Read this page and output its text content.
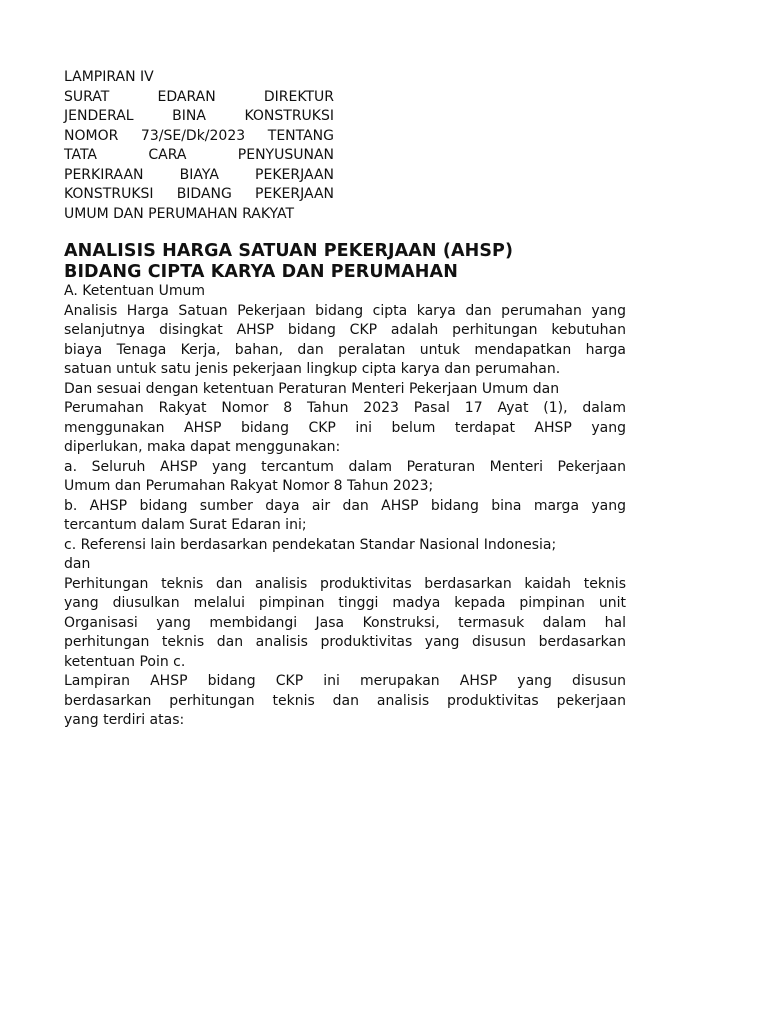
LAMPIRAN IV
SURAT EDARAN DIREKTUR
JENDERAL BINA KONSTRUKSI
NOMOR 73/SE/Dk/2023 TENTANG
TATA CARA PENYUSUNAN
PERKIRAAN BIAYA PEKERJAAN
KONSTRUKSI BIDANG PEKERJAAN
UMUM DAN PERUMAHAN RAKYAT
ANALISIS HARGA SATUAN PEKERJAAN (AHSP)
BIDANG CIPTA KARYA DAN PERUMAHAN
A. Ketentuan Umum
Analisis Harga Satuan Pekerjaan bidang cipta karya dan perumahan yang
selanjutnya disingkat AHSP bidang CKP adalah perhitungan kebutuhan
biaya Tenaga Kerja, bahan, dan peralatan untuk mendapatkan harga
satuan untuk satu jenis pekerjaan lingkup cipta karya dan perumahan.
Dan sesuai dengan ketentuan Peraturan Menteri Pekerjaan Umum dan
Perumahan Rakyat Nomor 8 Tahun 2023 Pasal 17 Ayat (1), dalam
menggunakan AHSP bidang CKP ini belum terdapat AHSP yang
diperlukan, maka dapat menggunakan:
a. Seluruh AHSP yang tercantum dalam Peraturan Menteri Pekerjaan
Umum dan Perumahan Rakyat Nomor 8 Tahun 2023;
b. AHSP bidang sumber daya air dan AHSP bidang bina marga yang
tercantum dalam Surat Edaran ini;
c. Referensi lain berdasarkan pendekatan Standar Nasional Indonesia;
dan
Perhitungan teknis dan analisis produktivitas berdasarkan kaidah teknis
yang diusulkan melalui pimpinan tinggi madya kepada pimpinan unit
Organisasi yang membidangi Jasa Konstruksi, termasuk dalam hal
perhitungan teknis dan analisis produktivitas yang disusun berdasarkan
ketentuan Poin c.
Lampiran AHSP bidang CKP ini merupakan AHSP yang disusun
berdasarkan perhitungan teknis dan analisis produktivitas pekerjaan
yang terdiri atas:
